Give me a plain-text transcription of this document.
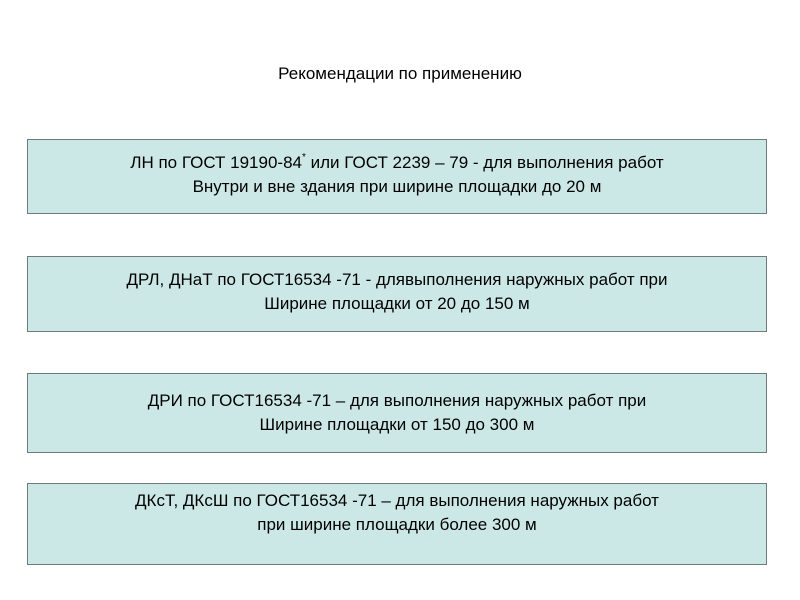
Рекомендации по применению
ЛН по ГОСТ 19190-84* или ГОСТ 2239 – 79 - для выполнения работ
Внутри и вне здания при ширине площадки до 20 м
ДРЛ, ДНаТ по ГОСТ16534 -71 - длявыполнения наружных работ при
Ширине площадки от 20 до 150 м
ДРИ по ГОСТ16534 -71 – для выполнения наружных работ при
Ширине площадки от 150 до 300 м
ДКсТ, ДКсШ по ГОСТ16534 -71 – для выполнения наружных работ
при ширине площадки более 300 м
